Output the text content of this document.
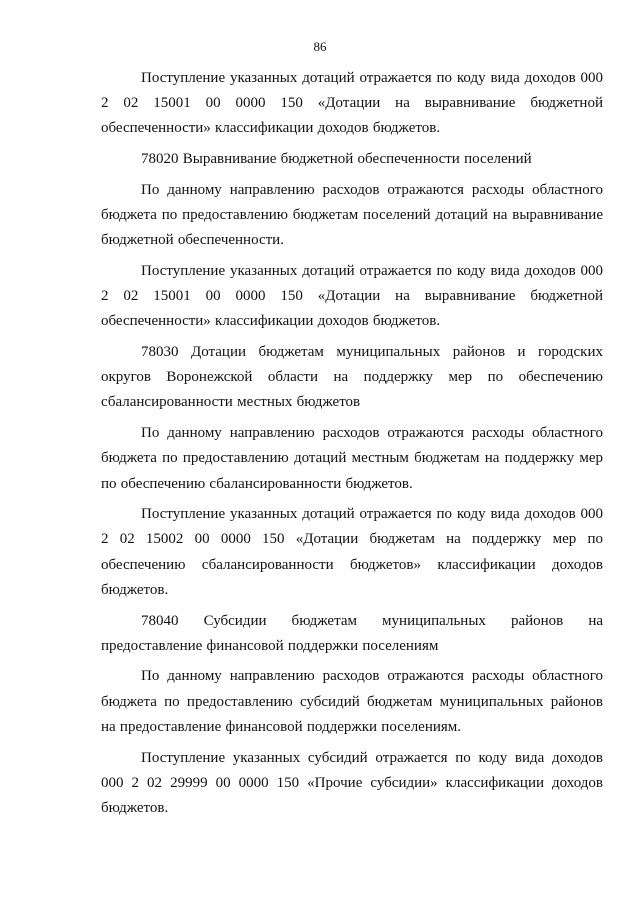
86

Поступление указанных дотаций отражается по коду вида доходов 000 2 02 15001 00 0000 150 «Дотации на выравнивание бюджетной обеспеченности» классификации доходов бюджетов.

78020 Выравнивание бюджетной обеспеченности поселений

По данному направлению расходов отражаются расходы областного бюджета по предоставлению бюджетам поселений дотаций на выравнивание бюджетной обеспеченности.

Поступление указанных дотаций отражается по коду вида доходов 000 2 02 15001 00 0000 150 «Дотации на выравнивание бюджетной обеспеченности» классификации доходов бюджетов.

78030 Дотации бюджетам муниципальных районов и городских округов Воронежской области на поддержку мер по обеспечению сбалансированности местных бюджетов

По данному направлению расходов отражаются расходы областного бюджета по предоставлению дотаций местным бюджетам на поддержку мер по обеспечению сбалансированности бюджетов.

Поступление указанных дотаций отражается по коду вида доходов 000 2 02 15002 00 0000 150 «Дотации бюджетам на поддержку мер по обеспечению сбалансированности бюджетов» классификации доходов бюджетов.

78040 Субсидии бюджетам муниципальных районов на предоставление финансовой поддержки поселениям

По данному направлению расходов отражаются расходы областного бюджета по предоставлению субсидий бюджетам муниципальных районов на предоставление финансовой поддержки поселениям.

Поступление указанных субсидий отражается по коду вида доходов 000 2 02 29999 00 0000 150 «Прочие субсидии» классификации доходов бюджетов.
